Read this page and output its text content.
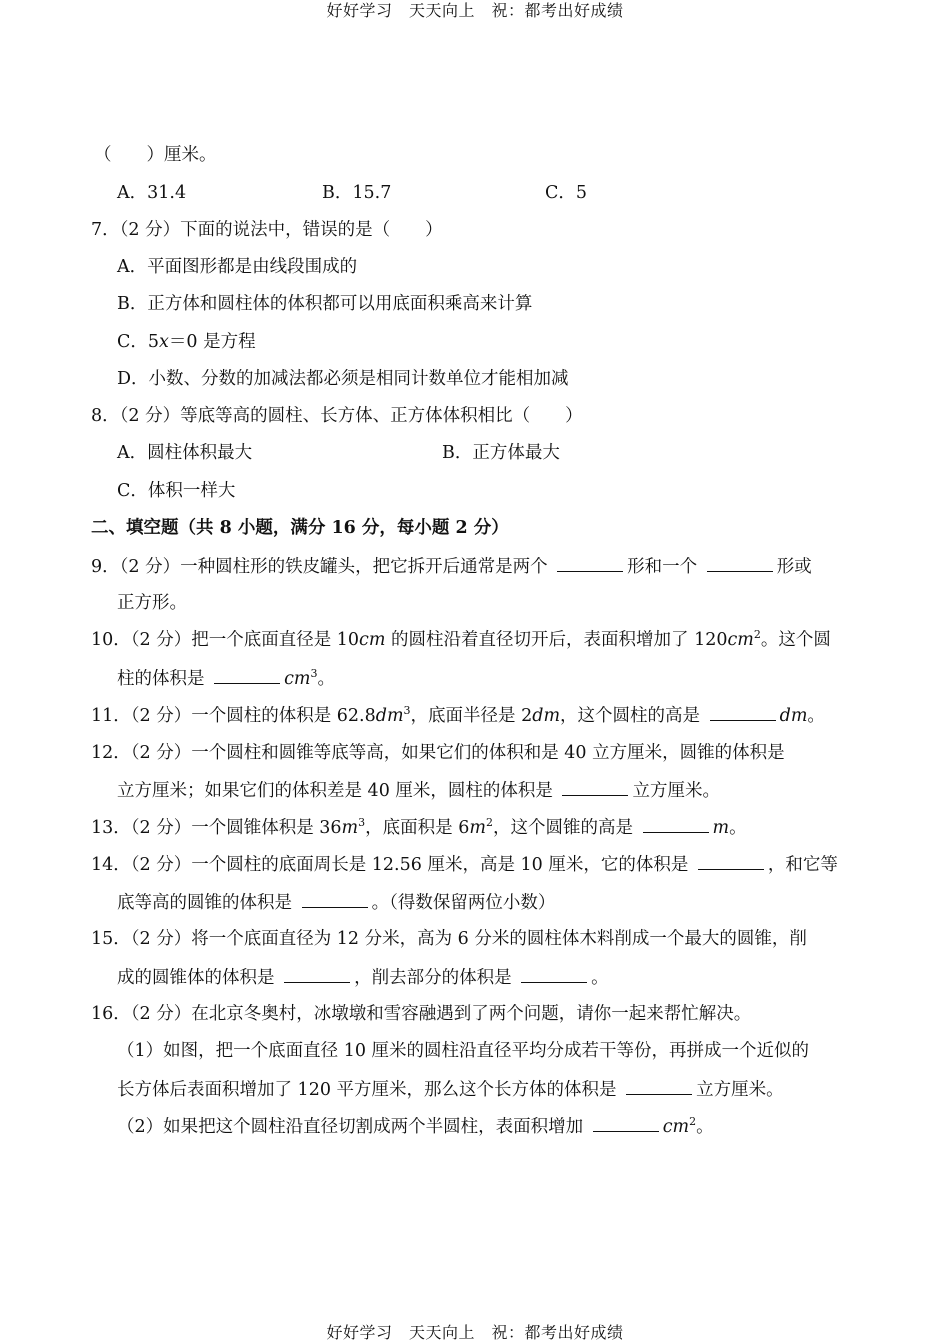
好好学习　天天向上　祝：都考出好成绩
（　　）厘米。
A．31.4	B．15.7	C．5
7．（2 分）下面的说法中，错误的是（　　）
A．平面图形都是由线段围成的
B．正方体和圆柱体的体积都可以用底面积乘高来计算
C．5x＝0 是方程
D．小数、分数的加减法都必须是相同计数单位才能相加减
8．（2 分）等底等高的圆柱、长方体、正方体体积相比（　　）
A．圆柱体积最大	B．正方体最大
C．体积一样大
二、填空题（共 8 小题，满分 16 分，每小题 2 分）
9．（2 分）一种圆柱形的铁皮罐头，把它拆开后通常是两个	形和一个	形或
正方形。
10．（2 分）把一个底面直径是 10cm 的圆柱沿着直径切开后，表面积增加了 $120cm^2$。这个圆
柱的体积是	$cm^3$。
11．（2 分）一个圆柱的体积是 $62.8dm^3$，底面半径是 2dm，这个圆柱的高是	dm。
12．（2 分）一个圆柱和圆锥等底等高，如果它们的体积和是 40 立方厘米，圆锥的体积是
立方厘米；如果它们的体积差是 40 厘米，圆柱的体积是	立方厘米。
13．（2 分）一个圆锥体积是 $36m^3$，底面积是 $6m^2$，这个圆锥的高是	m。
14．（2 分）一个圆柱的底面周长是 12.56 厘米，高是 10 厘米，它的体积是	，和它等
底等高的圆锥的体积是	。（得数保留两位小数）
15．（2 分）将一个底面直径为 12 分米，高为 6 分米的圆柱体木料削成一个最大的圆锥，削
成的圆锥体的体积是	，削去部分的体积是	。
16．（2 分）在北京冬奥村，冰墩墩和雪容融遇到了两个问题，请你一起来帮忙解决。
（1）如图，把一个底面直径 10 厘米的圆柱沿直径平均分成若干等份，再拼成一个近似的
长方体后表面积增加了 120 平方厘米，那么这个长方体的体积是	立方厘米。
（2）如果把这个圆柱沿直径切割成两个半圆柱，表面积增加	$cm^2$。
好好学习　天天向上　祝：都考出好成绩
